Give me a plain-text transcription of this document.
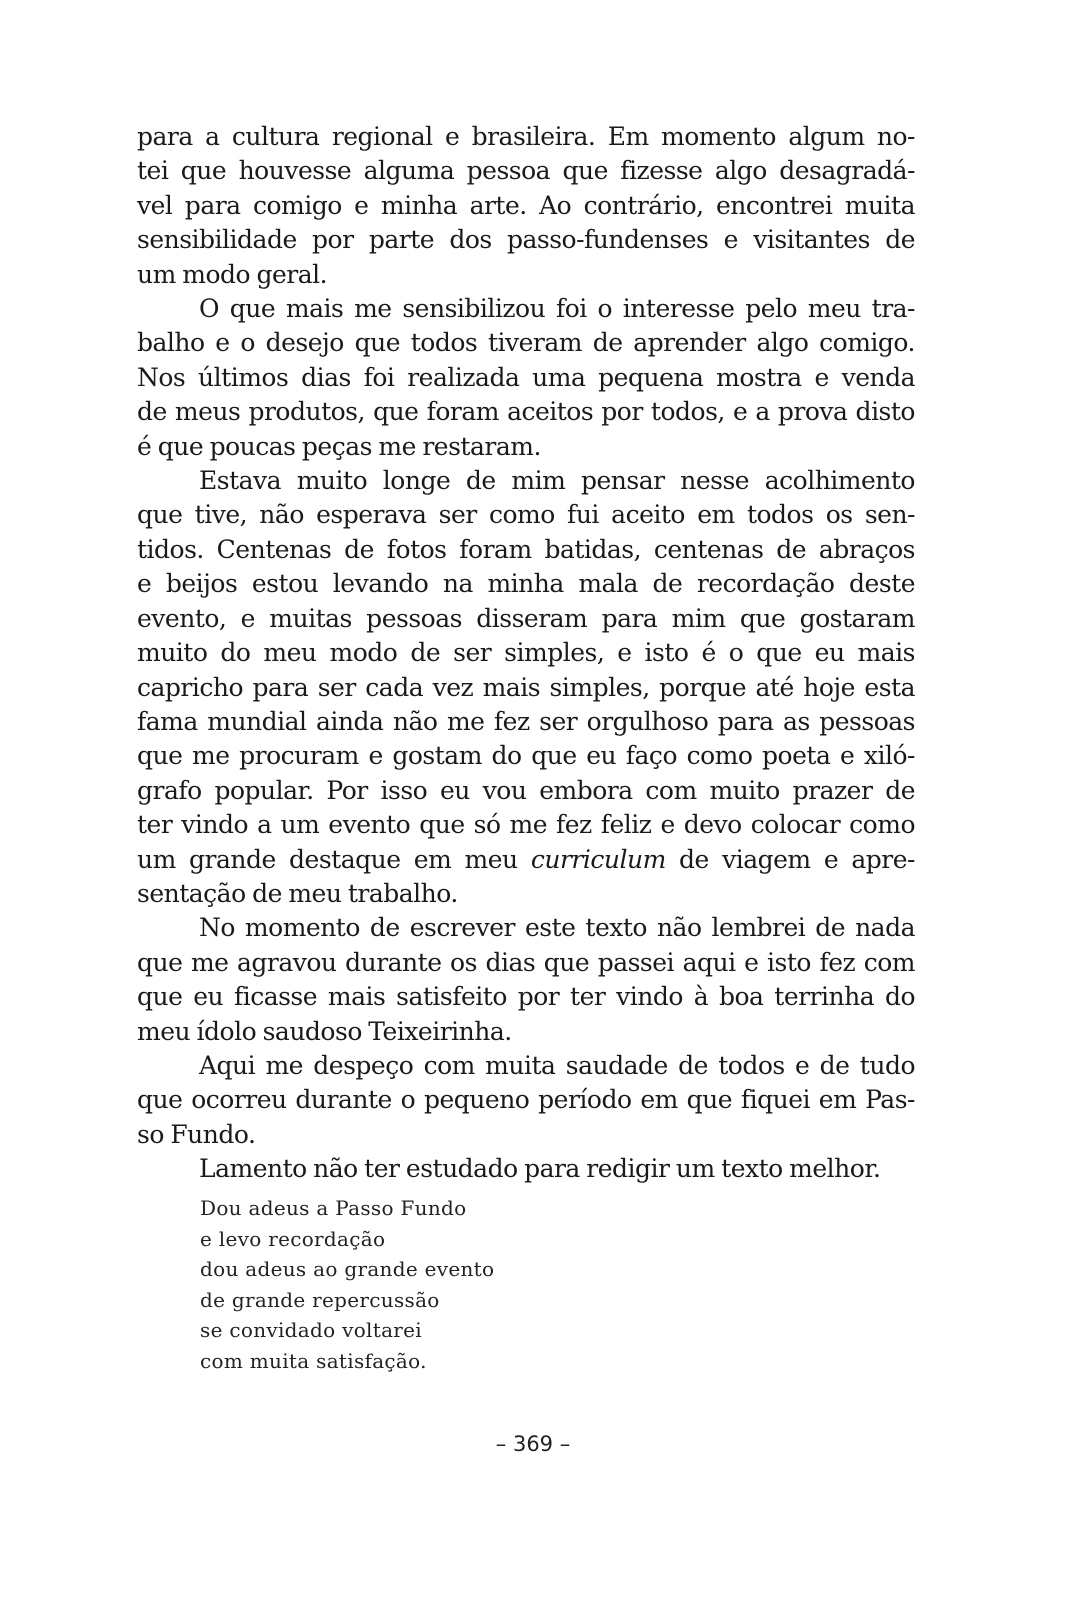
para a cultura regional e brasileira. Em momento algum no-
tei que houvesse alguma pessoa que fizesse algo desagradá-
vel para comigo e minha arte. Ao contrário, encontrei muita
sensibilidade por parte dos passo-fundenses e visitantes de
um modo geral.

O que mais me sensibilizou foi o interesse pelo meu tra-
balho e o desejo que todos tiveram de aprender algo comigo.
Nos últimos dias foi realizada uma pequena mostra e venda
de meus produtos, que foram aceitos por todos, e a prova disto
é que poucas peças me restaram.

Estava muito longe de mim pensar nesse acolhimento
que tive, não esperava ser como fui aceito em todos os sen-
tidos. Centenas de fotos foram batidas, centenas de abraços
e beijos estou levando na minha mala de recordação deste
evento, e muitas pessoas disseram para mim que gostaram
muito do meu modo de ser simples, e isto é o que eu mais
capricho para ser cada vez mais simples, porque até hoje esta
fama mundial ainda não me fez ser orgulhoso para as pessoas
que me procuram e gostam do que eu faço como poeta e xiló-
grafo popular. Por isso eu vou embora com muito prazer de
ter vindo a um evento que só me fez feliz e devo colocar como
um grande destaque em meu curriculum de viagem e apre-
sentação de meu trabalho.

No momento de escrever este texto não lembrei de nada
que me agravou durante os dias que passei aqui e isto fez com
que eu ficasse mais satisfeito por ter vindo à boa terrinha do
meu ídolo saudoso Teixeirinha.

Aqui me despeço com muita saudade de todos e de tudo
que ocorreu durante o pequeno período em que fiquei em Pas-
so Fundo.

Lamento não ter estudado para redigir um texto melhor.

Dou adeus a Passo Fundo
e levo recordação
dou adeus ao grande evento
de grande repercussão
se convidado voltarei
com muita satisfação.
– 369 –
